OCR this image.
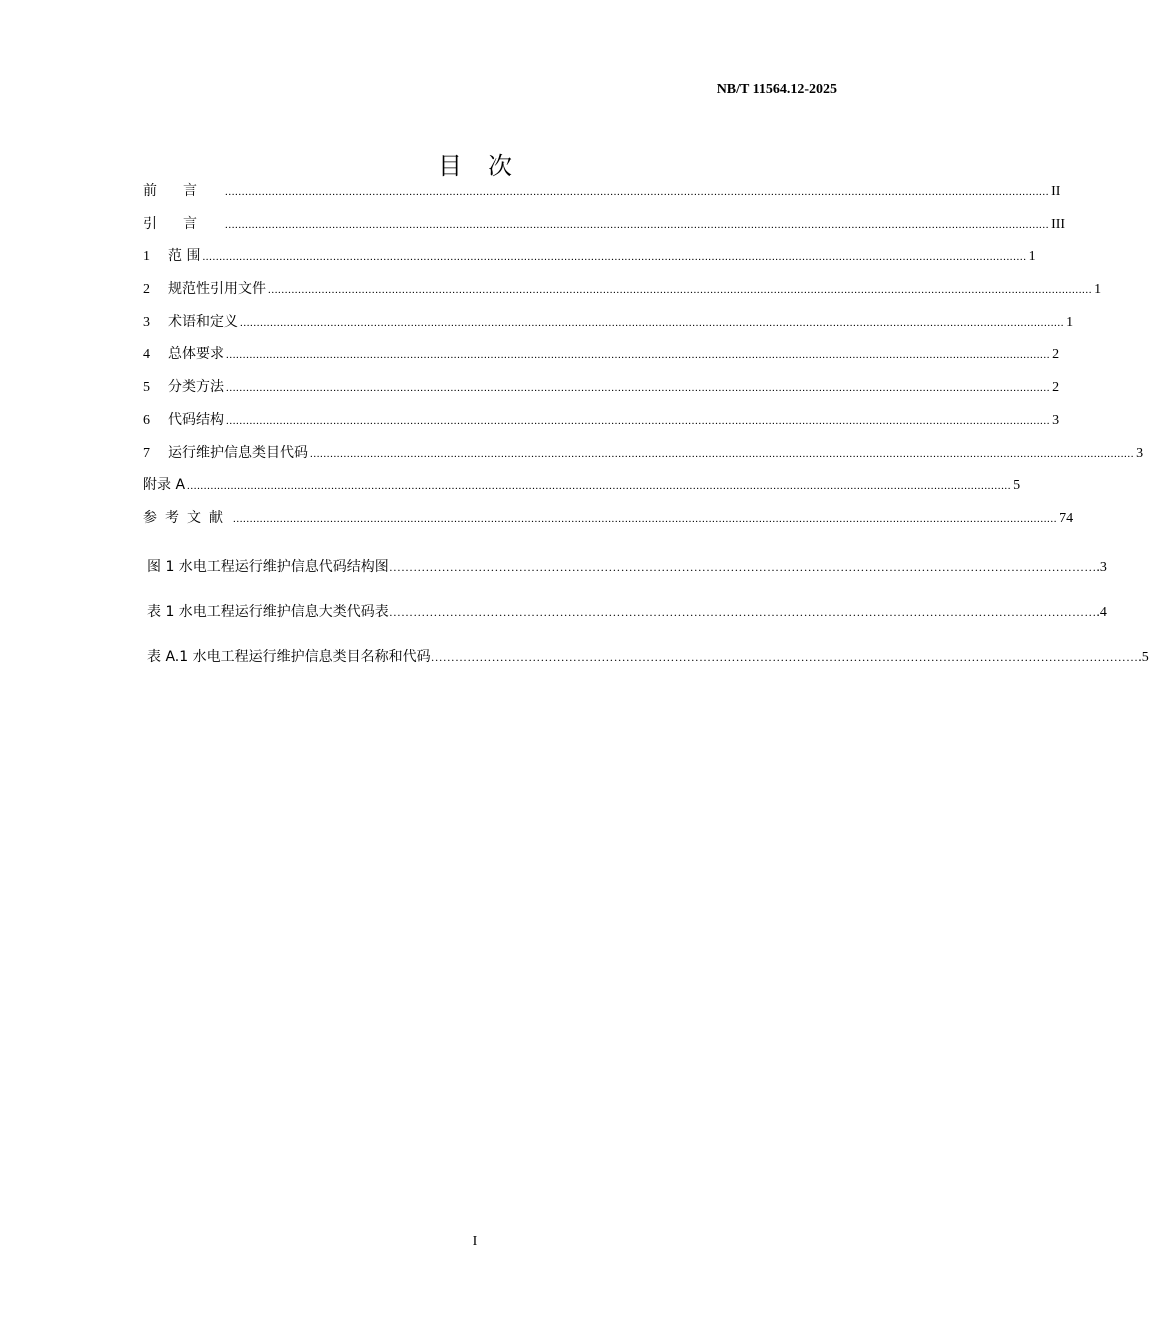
NB/T 11564.12-2025
目次
前言 ...................................................................................................................................................................................................................................................... II
引言 ...................................................................................................................................................................................................................................................... III
1	范 围 ...................................................................................................................................................................................................................................................... 1
2	规范性引用文件 ...................................................................................................................................................................................................................................................... 1
3	术语和定义 ...................................................................................................................................................................................................................................................... 1
4	总体要求 ...................................................................................................................................................................................................................................................... 2
5	分类方法 ...................................................................................................................................................................................................................................................... 2
6	代码结构 ...................................................................................................................................................................................................................................................... 3
7	运行维护信息类目代码 ...................................................................................................................................................................................................................................................... 3
附录 A ...................................................................................................................................................................................................................................................... 5
参考文献 ...................................................................................................................................................................................................................................................... 74
图 1 水电工程运行维护信息代码结构图 ………………………………………………………………………………………………………………………………………………………… .3
表 1 水电工程运行维护信息大类代码表 ………………………………………………………………………………………………………………………………………………………… .4
表 A.1 水电工程运行维护信息类目名称和代码 ………………………………………………………………………………………………………………………………………………………… .5
I
